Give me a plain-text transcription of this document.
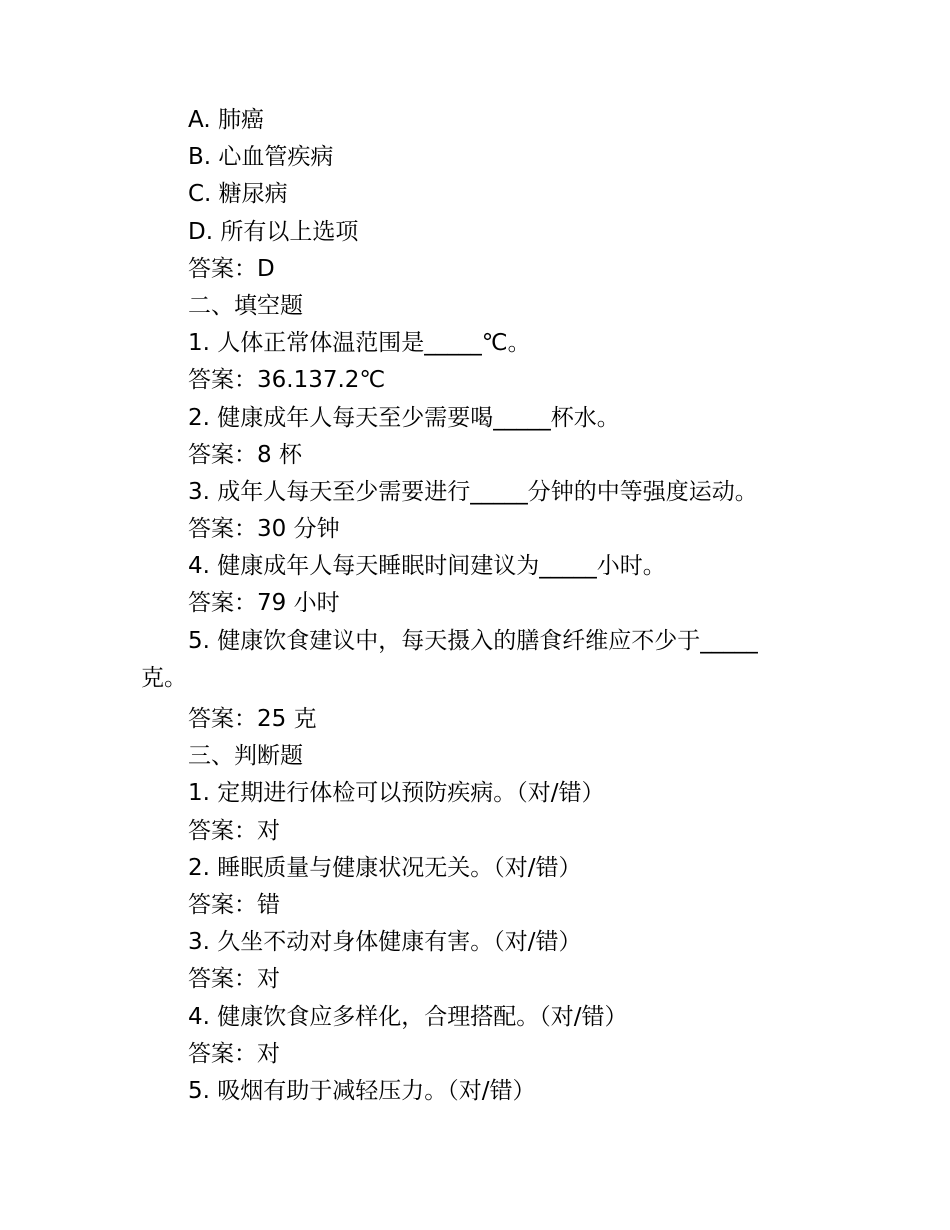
A. 肺癌
B. 心血管疾病
C. 糖尿病
D. 所有以上选项
答案：D
二、填空题
1. 人体正常体温范围是_____℃。
答案：36.137.2℃
2. 健康成年人每天至少需要喝_____杯水。
答案：8 杯
3. 成年人每天至少需要进行_____分钟的中等强度运动。
答案：30 分钟
4. 健康成年人每天睡眠时间建议为_____小时。
答案：79 小时
5. 健康饮食建议中，每天摄入的膳食纤维应不少于_____克。
答案：25 克
三、判断题
1. 定期进行体检可以预防疾病。（对/错）
答案：对
2. 睡眠质量与健康状况无关。（对/错）
答案：错
3. 久坐不动对身体健康有害。（对/错）
答案：对
4. 健康饮食应多样化，合理搭配。（对/错）
答案：对
5. 吸烟有助于减轻压力。（对/错）
